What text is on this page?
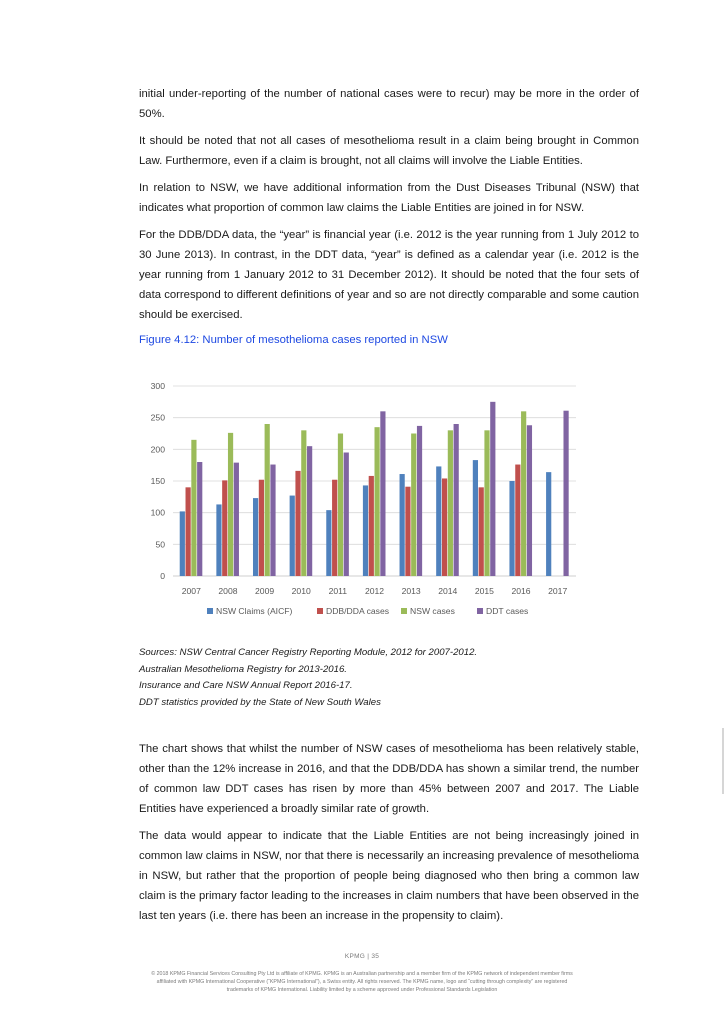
initial under-reporting of the number of national cases were to recur) may be more in the order of 50%.

It should be noted that not all cases of mesothelioma result in a claim being brought in Common Law. Furthermore, even if a claim is brought, not all claims will involve the Liable Entities.

In relation to NSW, we have additional information from the Dust Diseases Tribunal (NSW) that indicates what proportion of common law claims the Liable Entities are joined in for NSW.

For the DDB/DDA data, the “year” is financial year (i.e. 2012 is the year running from 1 July 2012 to 30 June 2013). In contrast, in the DDT data, “year” is defined as a calendar year (i.e. 2012 is the year running from 1 January 2012 to 31 December 2012). It should be noted that the four sets of data correspond to different definitions of year and so are not directly comparable and some caution should be exercised.

Figure 4.12: Number of mesothelioma cases reported in NSW
0
50
100
150
200
250
300
2007 2008 2009 2010 2011 2012 2013 2014 2015 2016 2017
NSW Claims (AICF)	DDB/DDA cases NSW cases	DDT cases
Sources: NSW Central Cancer Registry Reporting Module, 2012 for 2007-2012.
Australian Mesothelioma Registry for 2013-2016.
Insurance and Care NSW Annual Report 2016-17.
DDT statistics provided by the State of New South Wales

The chart shows that whilst the number of NSW cases of mesothelioma has been relatively stable, other than the 12% increase in 2016, and that the DDB/DDA has shown a similar trend, the number of common law DDT cases has risen by more than 45% between 2007 and 2017. The Liable Entities have experienced a broadly similar rate of growth.

The data would appear to indicate that the Liable Entities are not being increasingly joined in common law claims in NSW, nor that there is necessarily an increasing prevalence of mesothelioma in NSW, but rather that the proportion of people being diagnosed who then bring a common law claim is the primary factor leading to the increases in claim numbers that have been observed in the last ten years (i.e. there has been an increase in the propensity to claim).

KPMG | 35
© 2018 KPMG Financial Services Consulting Pty Ltd is affiliate of KPMG. KPMG is an Australian partnership and a member firm of the KPMG network of independent member firms
affiliated with KPMG International Cooperative (“KPMG International”), a Swiss entity. All rights reserved. The KPMG name, logo and “cutting through complexity” are registered
trademarks of KPMG International. Liability limited by a scheme approved under Professional Standards Legislation
